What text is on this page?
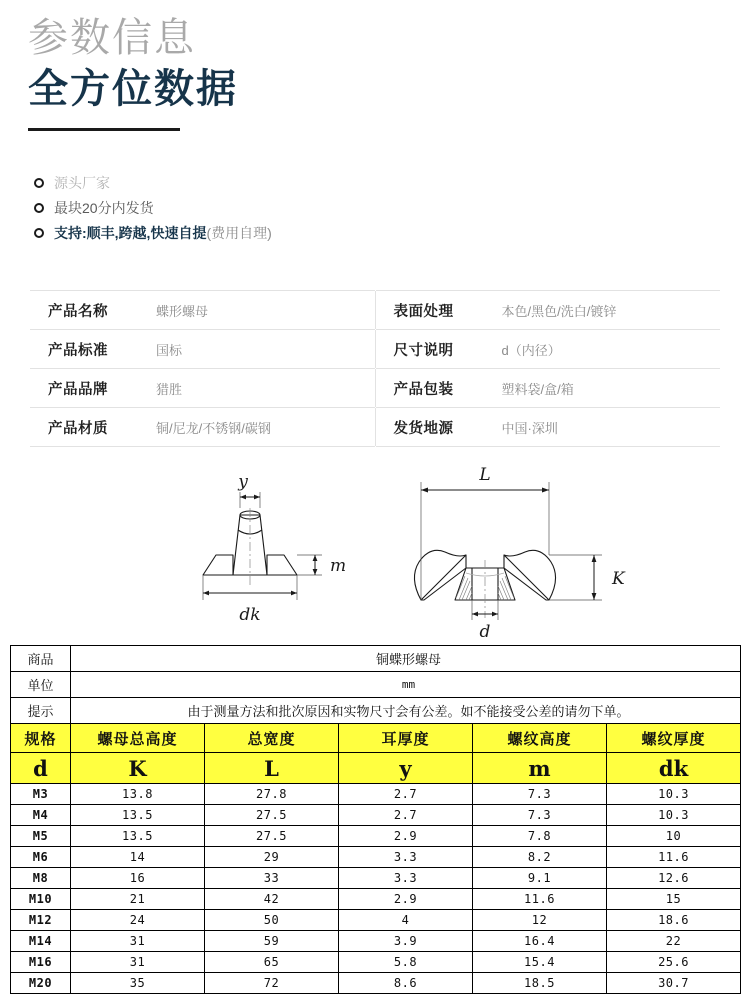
参数信息
全方位数据
源头厂家
最块20分内发货
支持:顺丰,跨越,快速自提 (费用自理)
产品名称	蝶形螺母		表面处理	本色/黑色/洗白/镀锌
产品标准	国标		尺寸说明	d（内径）
产品品牌	猎胜		产品包装	塑料袋/盒/箱
产品材质	铜/尼龙/不锈钢/碳钢		发货地源	中国·深圳
y
m
dk
L
K
d
商品	铜蝶形螺母				
单位	mm				
提示	由于测量方法和批次原因和实物尺寸会有公差。如不能接受公差的请勿下单。				
规格	螺母总高度	总宽度	耳厚度	螺纹高度	螺纹厚度
d	K	L	y	m	dk
M3	13.8	27.8	2.7	7.3	10.3
M4	13.5	27.5	2.7	7.3	10.3
M5	13.5	27.5	2.9	7.8	10
M6	14	29	3.3	8.2	11.6
M8	16	33	3.3	9.1	12.6
M10	21	42	2.9	11.6	15
M12	24	50	4	12	18.6
M14	31	59	3.9	16.4	22
M16	31	65	5.8	15.4	25.6
M20	35	72	8.6	18.5	30.7
